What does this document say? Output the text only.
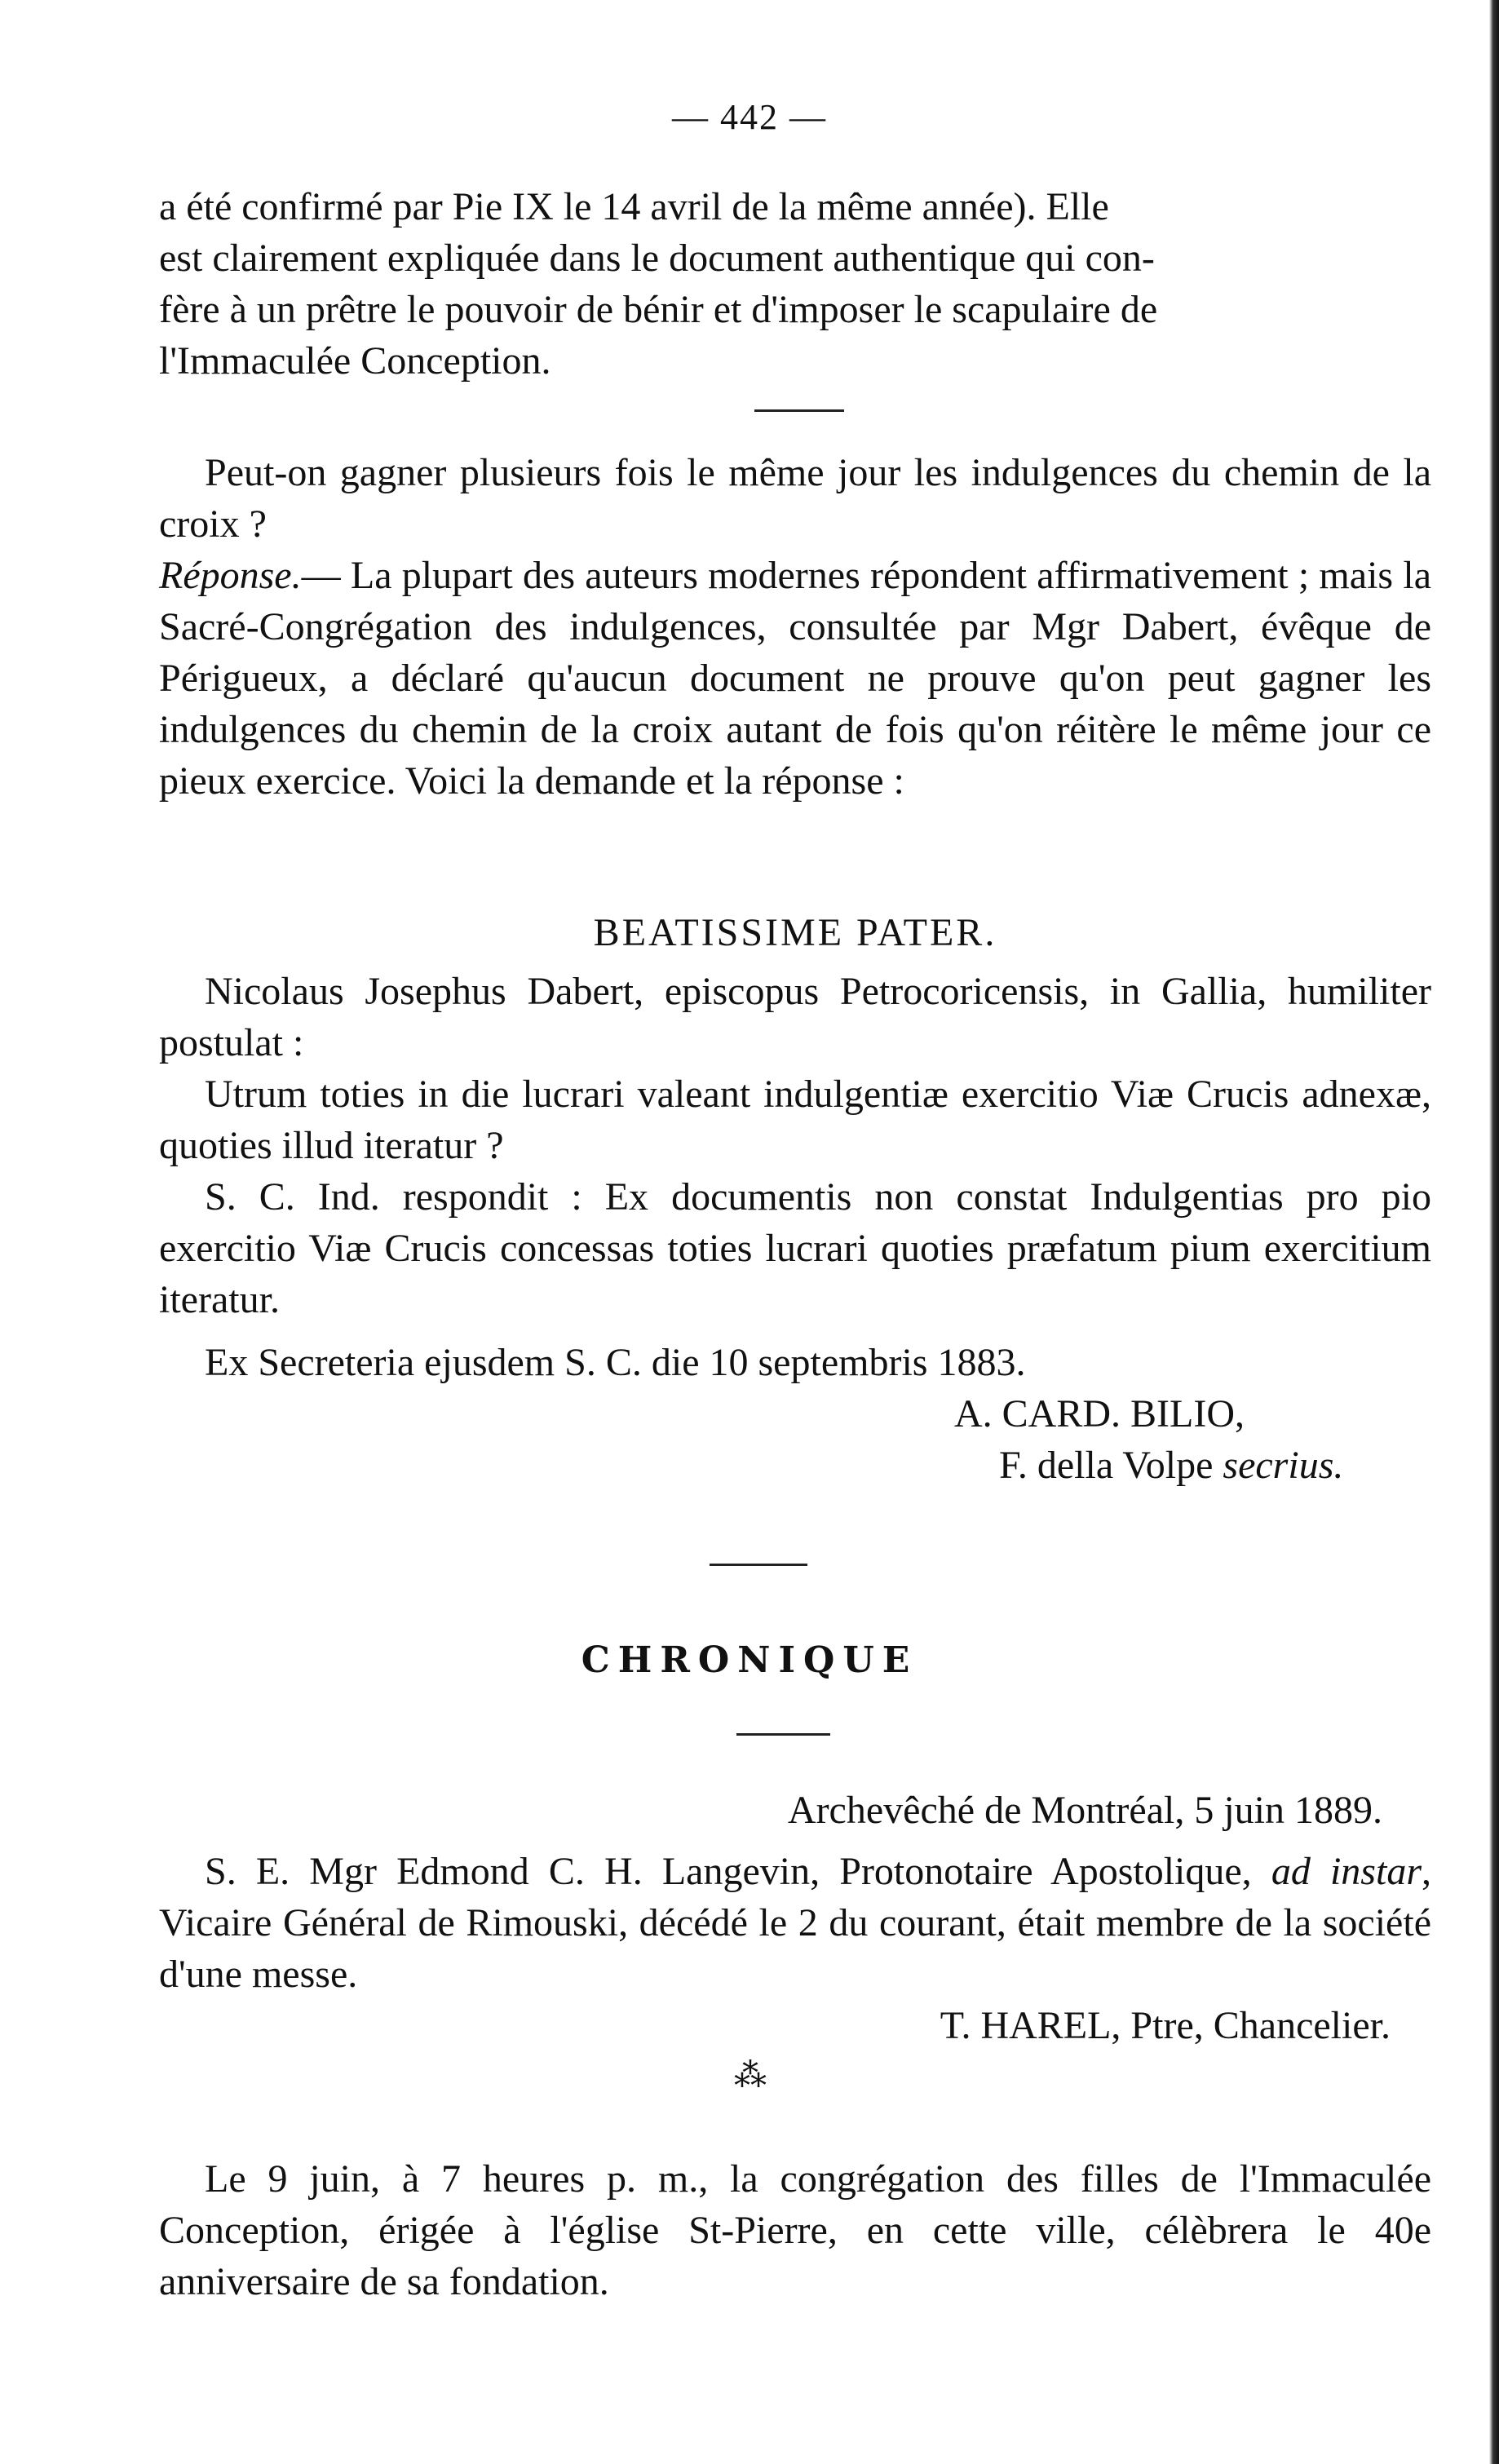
— 442 —
a été confirmé par Pie IX le 14 avril de la même année). Elle
est clairement expliquée dans le document authentique qui con-
fère à un prêtre le pouvoir de bénir et d'imposer le scapulaire de
l'Immaculée Conception.

Peut-on gagner plusieurs fois le même jour les indulgences du chemin de la croix ?

Réponse.— La plupart des auteurs modernes répondent affirmativement ; mais la Sacré-Congrégation des indulgences, consultée par Mgr Dabert, évêque de Périgueux, a déclaré qu'aucun document ne prouve qu'on peut gagner les indulgences du chemin de la croix autant de fois qu'on réitère le même jour ce pieux exercice. Voici la demande et la réponse :

BEATISSIME PATER.

Nicolaus Josephus Dabert, episcopus Petrocoricensis, in Gallia, humiliter postulat :

Utrum toties in die lucrari valeant indulgentiæ exercitio Viæ Crucis adnexæ, quoties illud iteratur ?

S. C. Ind. respondit : Ex documentis non constat Indulgentias pro pio exercitio Viæ Crucis concessas toties lucrari quoties præfatum pium exercitium iteratur.

Ex Secreteria ejusdem S. C. die 10 septembris 1883.

A. CARD. BILIO,

F. della Volpe secrius.

CHRONIQUE

Archevêché de Montréal, 5 juin 1889.

S. E. Mgr Edmond C. H. Langevin, Protonotaire Apostolique, ad instar, Vicaire Général de Rimouski, décédé le 2 du courant, était membre de la société d'une messe.

T. HAREL, Ptre, Chancelier.

⁂

Le 9 juin, à 7 heures p. m., la congrégation des filles de l'Immaculée Conception, érigée à l'église St-Pierre, en cette ville, célèbrera le 40e anniversaire de sa fondation.
